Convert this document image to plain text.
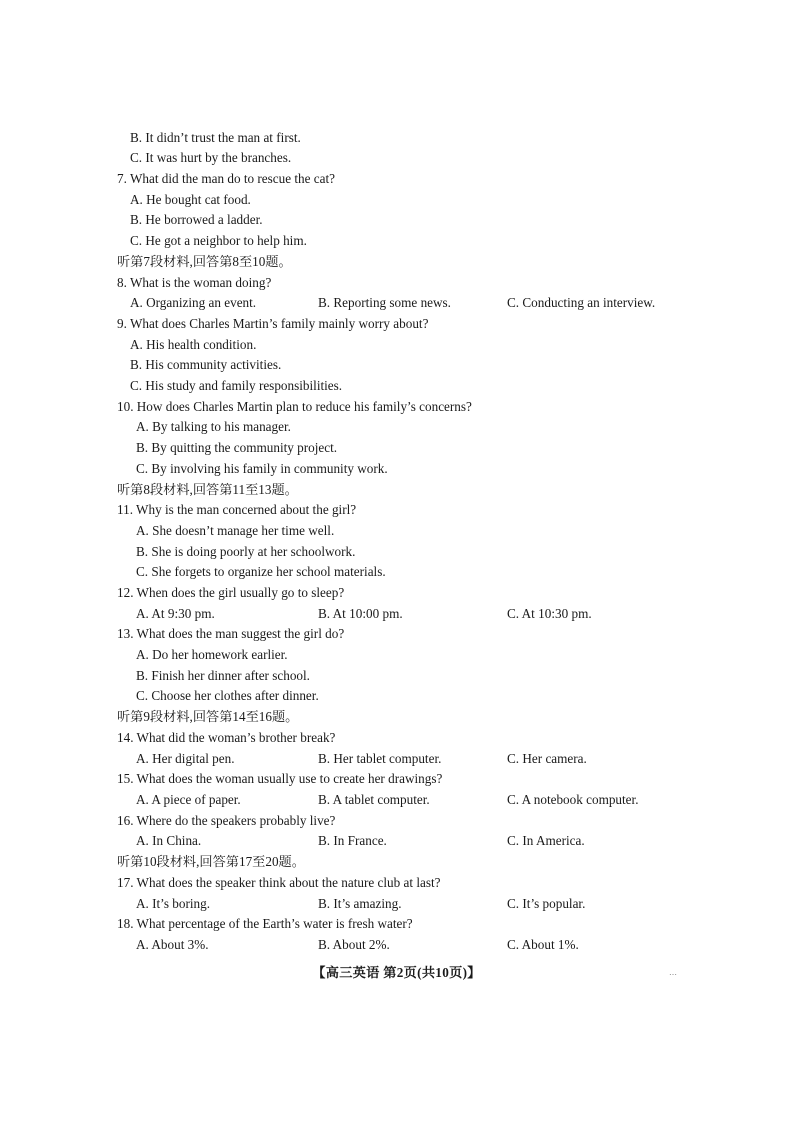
B. It didn’t trust the man at first.
C. It was hurt by the branches.
7. What did the man do to rescue the cat?
A. He bought cat food.
B. He borrowed a ladder.
C. He got a neighbor to help him.
听第7段材料,回答第8至10题。
8. What is the woman doing?
A. Organizing an event.	B. Reporting some news.	C. Conducting an interview.
9. What does Charles Martin’s family mainly worry about?
A. His health condition.
B. His community activities.
C. His study and family responsibilities.
10. How does Charles Martin plan to reduce his family’s concerns?
A. By talking to his manager.
B. By quitting the community project.
C. By involving his family in community work.
听第8段材料,回答第11至13题。
11. Why is the man concerned about the girl?
A. She doesn’t manage her time well.
B. She is doing poorly at her schoolwork.
C. She forgets to organize her school materials.
12. When does the girl usually go to sleep?
A. At 9:30 pm.	B. At 10:00 pm.	C. At 10:30 pm.
13. What does the man suggest the girl do?
A. Do her homework earlier.
B. Finish her dinner after school.
C. Choose her clothes after dinner.
听第9段材料,回答第14至16题。
14. What did the woman’s brother break?
A. Her digital pen.	B. Her tablet computer.	C. Her camera.
15. What does the woman usually use to create her drawings?
A. A piece of paper.	B. A tablet computer.	C. A notebook computer.
16. Where do the speakers probably live?
A. In China.	B. In France.	C. In America.
听第10段材料,回答第17至20题。
17. What does the speaker think about the nature club at last?
A. It’s boring.	B. It’s amazing.	C. It’s popular.
18. What percentage of the Earth’s water is fresh water?
A. About 3%.	B. About 2%.	C. About 1%.
【高三英语 第2页(共10页)】	…
